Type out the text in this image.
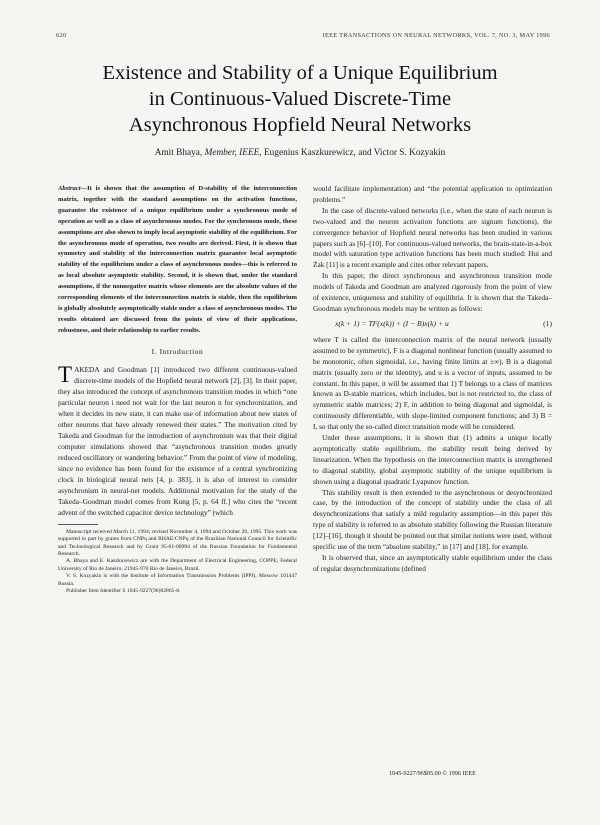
620	IEEE TRANSACTIONS ON NEURAL NETWORKS, VOL. 7, NO. 3, MAY 1996
Existence and Stability of a Unique Equilibrium
in Continuous-Valued Discrete-Time
Asynchronous Hopfield Neural Networks
Amit Bhaya, Member, IEEE, Eugenius Kaszkurewicz, and Victor S. Kozyakin

Abstract—It is shown that the assumption of D-stability of the interconnection matrix, together with the standard assumptions on the activation functions, guarantee the existence of a unique equilibrium under a synchronous mode of operation as well as a class of asynchronous modes. For the synchronous mode, these assumptions are also shown to imply local asymptotic stability of the equilibrium. For the asynchronous mode of operation, two results are derived. First, it is shown that symmetry and stability of the interconnection matrix guarantee local asymptotic stability of the equilibrium under a class of asynchronous modes—this is referred to as local absolute asymptotic stability. Second, it is shown that, under the standard assumptions, if the nonnegative matrix whose elements are the absolute values of the corresponding elements of the interconnection matrix is stable, then the equilibrium is globally absolutely asymptotically stable under a class of asynchronous modes. The results obtained are discussed from the points of view of their applications, robustness, and their relationship to earlier results.

I. Introduction

TAKEDA and Goodman [1] introduced two different continuous-valued discrete-time models of the Hopfield neural network [2], [3]. In their paper, they also introduced the concept of asynchronous transition modes in which “one particular neuron i need not wait for the last neuron n for synchronization, and when it decides its new state, it can make use of information about new states of other neurons that have already renewed their states.” The motivation cited by Takeda and Goodman for the introduction of asynchronism was that their digital computer simulations showed that “asynchronous transition modes greatly reduced oscillatory or wandering behavior.” From the point of view of modeling, since no evidence has been found for the existence of a central synchronizing clock in biological neural nets [4, p. 383], it is also of interest to consider asynchronism in neural-net models. Additional motivation for the study of the Takeda–Goodman model comes from Kung [5, p. 64 ff.] who cites the “recent advent of the switched capacitor device technology” (which

Manuscript received March 11, 1994; revised November 4, 1994 and October 20, 1995. This work was supported in part by grants from CNPq and RHAE/CNPq of the Brazilian National Council for Scientific and Technological Research and by Grant 95-01-00994 of the Russian Foundation for Fundamental Research.

A. Bhaya and E. Kaszkurewicz are with the Department of Electrical Engineering, COPPE, Federal University of Rio de Janeiro, 21945-970 Rio de Janeiro, Brazil.

V. S. Kozyakin is with the Institute of Information Transmission Problems (IPPI), Moscow 101447 Russia.

Publisher Item Identifier S 1045-9227(96)02865-8.

would facilitate implementation) and “the potential application to optimization problems.”

In the case of discrete-valued networks (i.e., when the state of each neuron is two-valued and the neuron activation functions are signum functions), the convergence behavior of Hopfield neural networks has been studied in various papers such as [6]–[10]. For continuous-valued networks, the brain-state-in-a-box model with saturation type activation functions has been much studied: Hui and Żak [11] is a recent example and cites other relevant papers.

In this paper, the direct synchronous and asynchronous transition mode models of Takeda and Goodman are analyzed rigorously from the point of view of existence, uniqueness and stability of equilibria. It is shown that the Takeda–Goodman synchronous models may be written as follows:

x(k + 1) = TF(x(k)) + (I − B)x(k) + u	(1)

where T is called the interconnection matrix of the neural network (usually assumed to be symmetric), F is a diagonal nonlinear function (usually assumed to be monotonic, often sigmoidal, i.e., having finite limits at ±∞), B is a diagonal matrix (usually zero or the identity), and u is a vector of inputs, assumed to be constant. In this paper, it will be assumed that 1) T belongs to a class of matrices known as D-stable matrices, which includes, but is not restricted to, the class of symmetric stable matrices; 2) F, in addition to being diagonal and sigmoidal, is continuously differentiable, with slope-limited component functions; and 3) B = I, so that only the so-called direct transition mode will be considered.

Under these assumptions, it is shown that (1) admits a unique locally asymptotically stable equilibrium, the stability result being derived by linearization. When the hypothesis on the interconnection matrix is strengthened to diagonal stability, global asymptotic stability of the unique equilibrium is shown using a diagonal quadratic Lyapunov function.

This stability result is then extended to the asynchronous or desynchronized case, by the introduction of the concept of stability under the class of all desynchronizations that satisfy a mild regularity assumption—in this paper this type of stability is referred to as absolute stability following the Russian literature [12]–[16], though it should be pointed out that similar notions were used, without specific use of the term “absolute stability,” in [17] and [18], for example.

It is observed that, since an asymptotically stable equilibrium under the class of regular desynchronizations (defined

1045-9227/96$05.00 © 1996 IEEE
